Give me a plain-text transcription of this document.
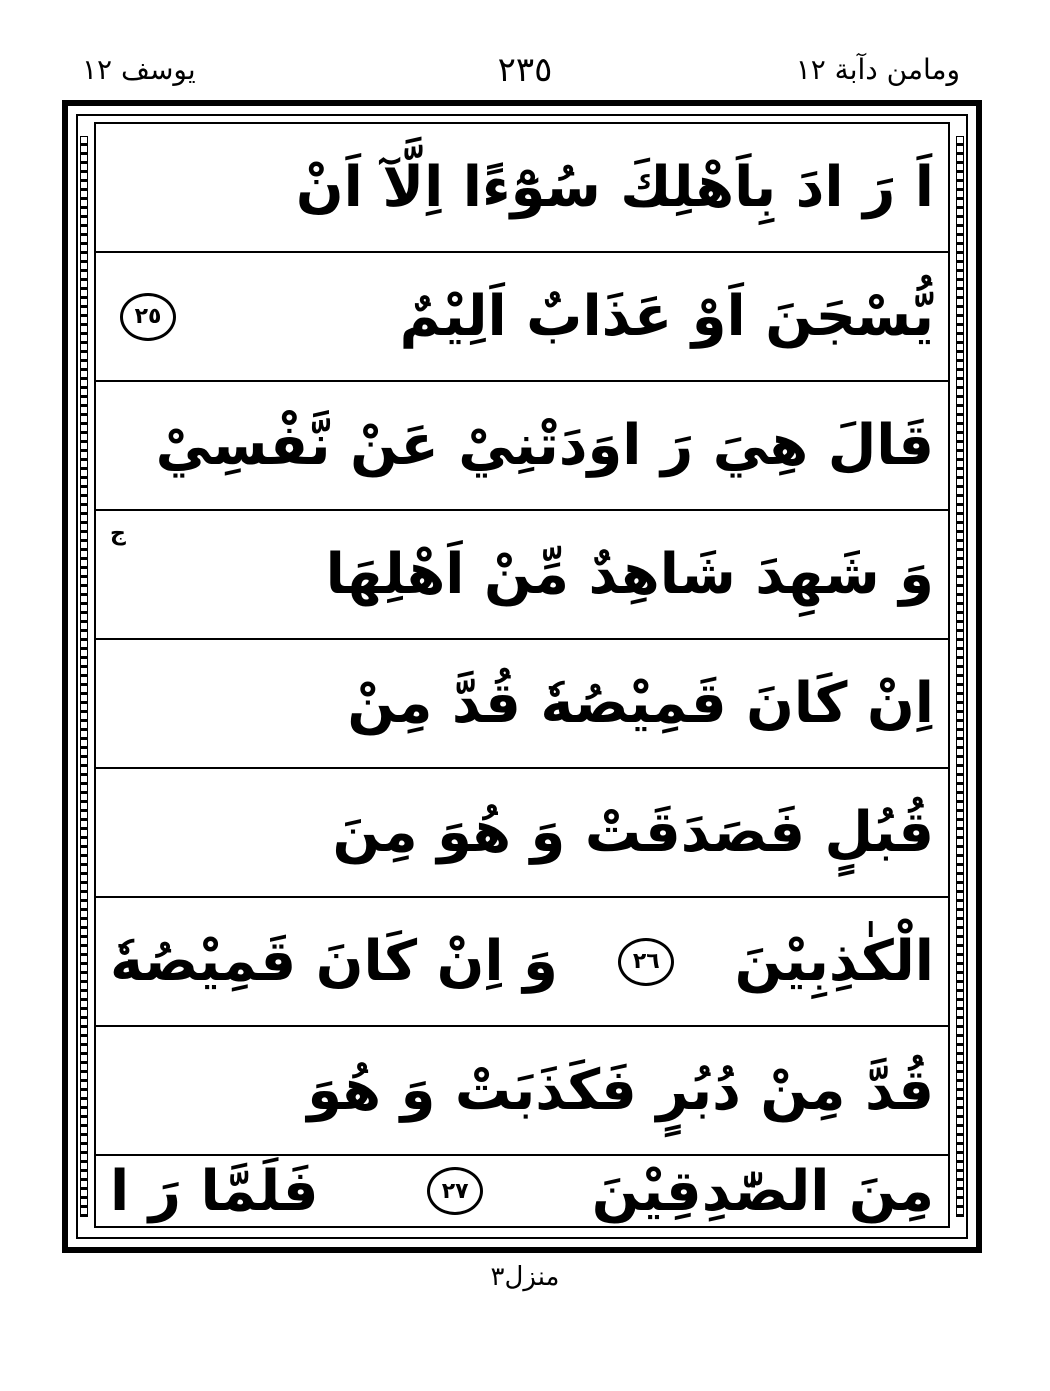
ومامن دآبة ١٢
٢٣٥
يوسف ١٢
اَ رَ ادَ بِاَهْلِكَ سُوْٓءًا اِلَّآ اَنْ
يُّسْجَنَ اَوْ عَذَابٌ اَلِيْمٌ
٢٥
قَالَ هِيَ رَ اوَدَتْنِيْ عَنْ نَّفْسِيْ
وَ شَهِدَ شَاهِدٌ مِّنْ اَهْلِهَا
ج
اِنْ كَانَ قَمِيْصُهٗ قُدَّ مِنْ
قُبُلٍ فَصَدَقَتْ وَ هُوَ مِنَ
الْكٰذِبِيْنَ
٢٦
وَ اِنْ كَانَ قَمِيْصُهٗ
قُدَّ مِنْ دُبُرٍ فَكَذَبَتْ وَ هُوَ
مِنَ الصّٰدِقِيْنَ
٢٧
فَلَمَّا رَ ا
منزل٣
